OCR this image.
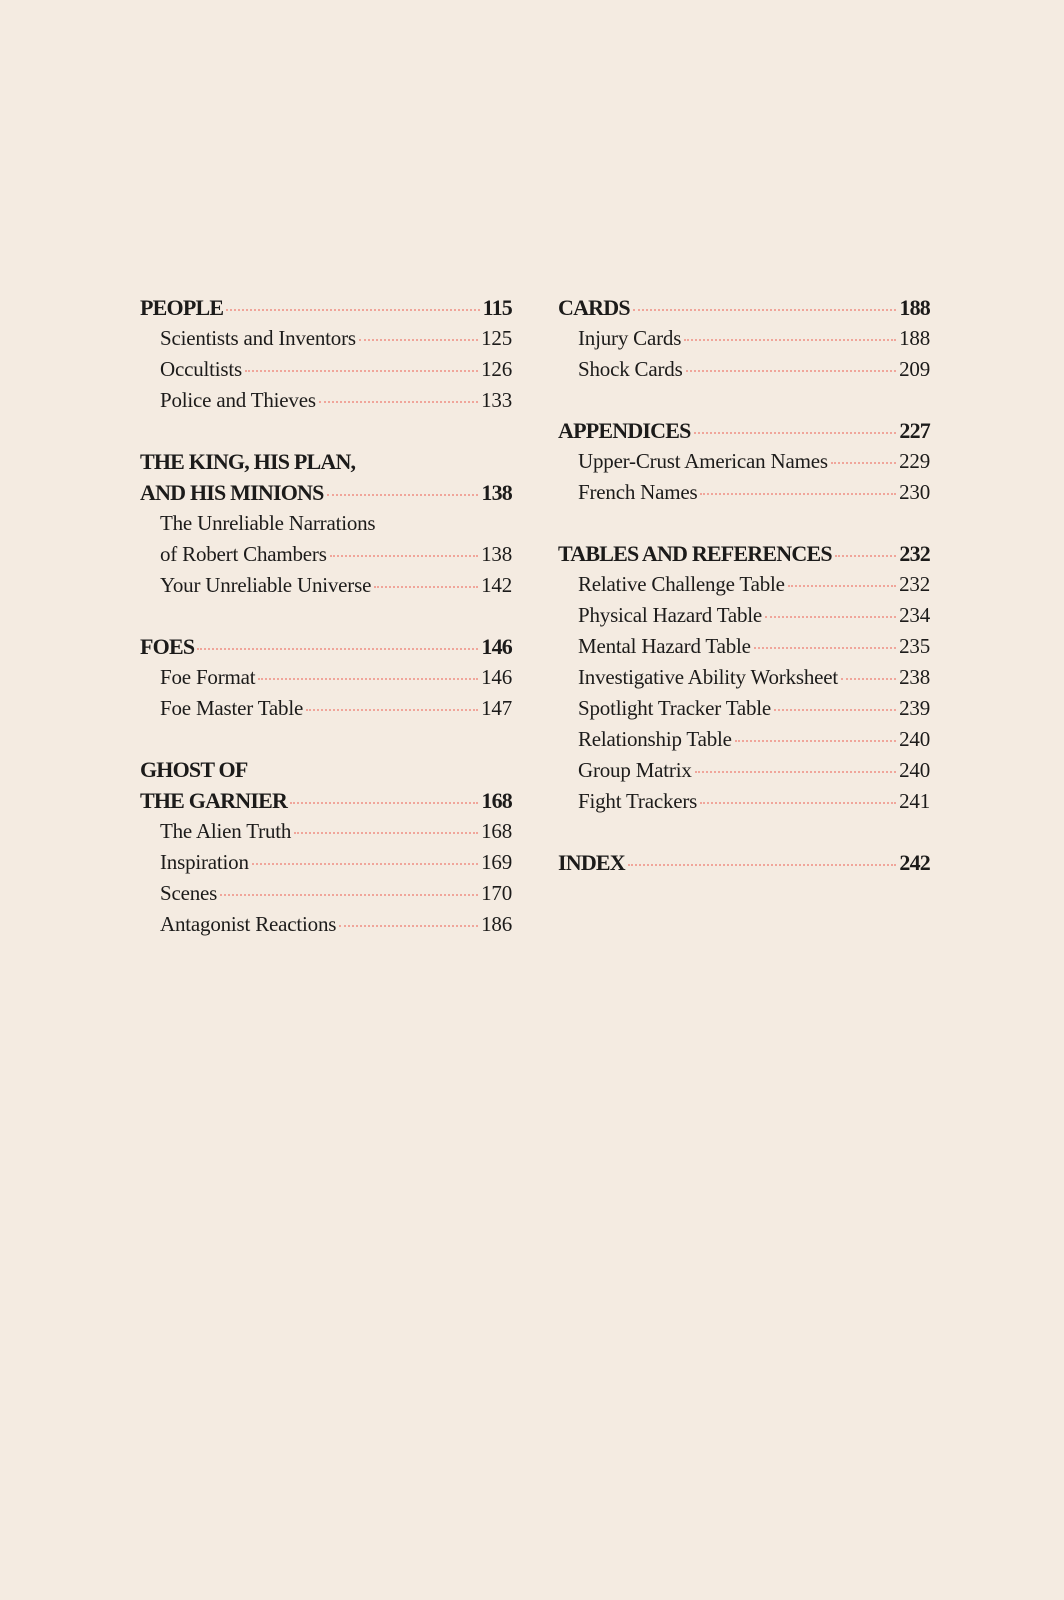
PEOPLE	115
Scientists and Inventors	125
Occultists	126
Police and Thieves	133
THE KING, HIS PLAN,
AND HIS MINIONS	138
The Unreliable Narrations
of Robert Chambers	138
Your Unreliable Universe	142
FOES	146
Foe Format	146
Foe Master Table	147
GHOST OF
THE GARNIER	168
The Alien Truth	168
Inspiration	169
Scenes	170
Antagonist Reactions	186
CARDS	188
Injury Cards	188
Shock Cards	209
APPENDICES	227
Upper-Crust American Names	229
French Names	230
TABLES AND REFERENCES	232
Relative Challenge Table	232
Physical Hazard Table	234
Mental Hazard Table	235
Investigative Ability Worksheet	238
Spotlight Tracker Table	239
Relationship Table	240
Group Matrix	240
Fight Trackers	241
INDEX	242
